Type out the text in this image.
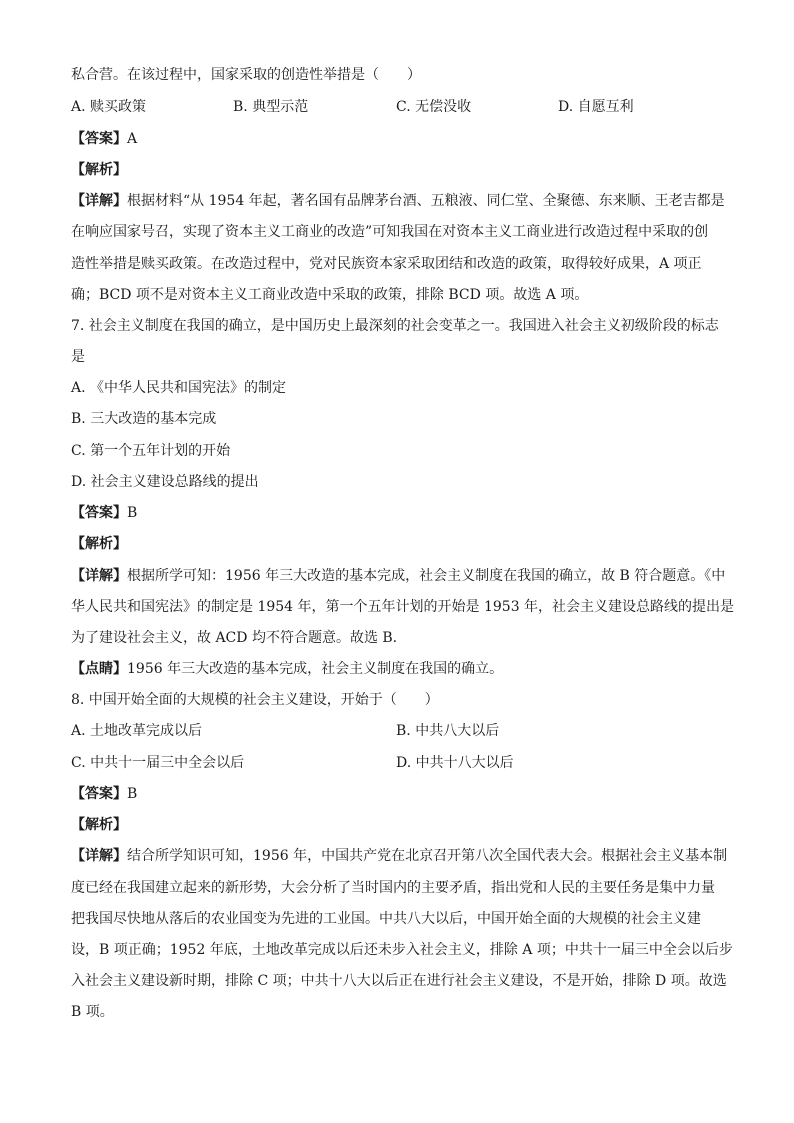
私合营。在该过程中，国家采取的创造性举措是（　　）
A. 赎买政策	B. 典型示范	C. 无偿没收	D. 自愿互利
【答案】A
【解析】
【详解】根据材料“从 1954 年起，著名国有品牌茅台酒、五粮液、同仁堂、全聚德、东来顺、王老吉都是
在响应国家号召，实现了资本主义工商业的改造”可知我国在对资本主义工商业进行改造过程中采取的创
造性举措是赎买政策。在改造过程中，党对民族资本家采取团结和改造的政策，取得较好成果，A 项正
确；BCD 项不是对资本主义工商业改造中采取的政策，排除 BCD 项。故选 A 项。
7. 社会主义制度在我国的确立，是中国历史上最深刻的社会变革之一。我国进入社会主义初级阶段的标志
是
A. 《中华人民共和国宪法》的制定
B. 三大改造的基本完成
C. 第一个五年计划的开始
D. 社会主义建设总路线的提出
【答案】B
【解析】
【详解】根据所学可知：1956 年三大改造的基本完成，社会主义制度在我国的确立，故 B 符合题意。《中
华人民共和国宪法》的制定是 1954 年，第一个五年计划的开始是 1953 年，社会主义建设总路线的提出是
为了建设社会主义，故 ACD 均不符合题意。故选 B.
【点睛】1956 年三大改造的基本完成，社会主义制度在我国的确立。
8. 中国开始全面的大规模的社会主义建设，开始于（　　）
A. 土地改革完成以后	B. 中共八大以后
C. 中共十一届三中全会以后	D. 中共十八大以后
【答案】B
【解析】
【详解】结合所学知识可知，1956 年，中国共产党在北京召开第八次全国代表大会。根据社会主义基本制
度已经在我国建立起来的新形势，大会分析了当时国内的主要矛盾，指出党和人民的主要任务是集中力量
把我国尽快地从落后的农业国变为先进的工业国。中共八大以后，中国开始全面的大规模的社会主义建
设，B 项正确；1952 年底，土地改革完成以后还未步入社会主义，排除 A 项；中共十一届三中全会以后步
入社会主义建设新时期，排除 C 项；中共十八大以后正在进行社会主义建设，不是开始，排除 D 项。故选
B 项。
